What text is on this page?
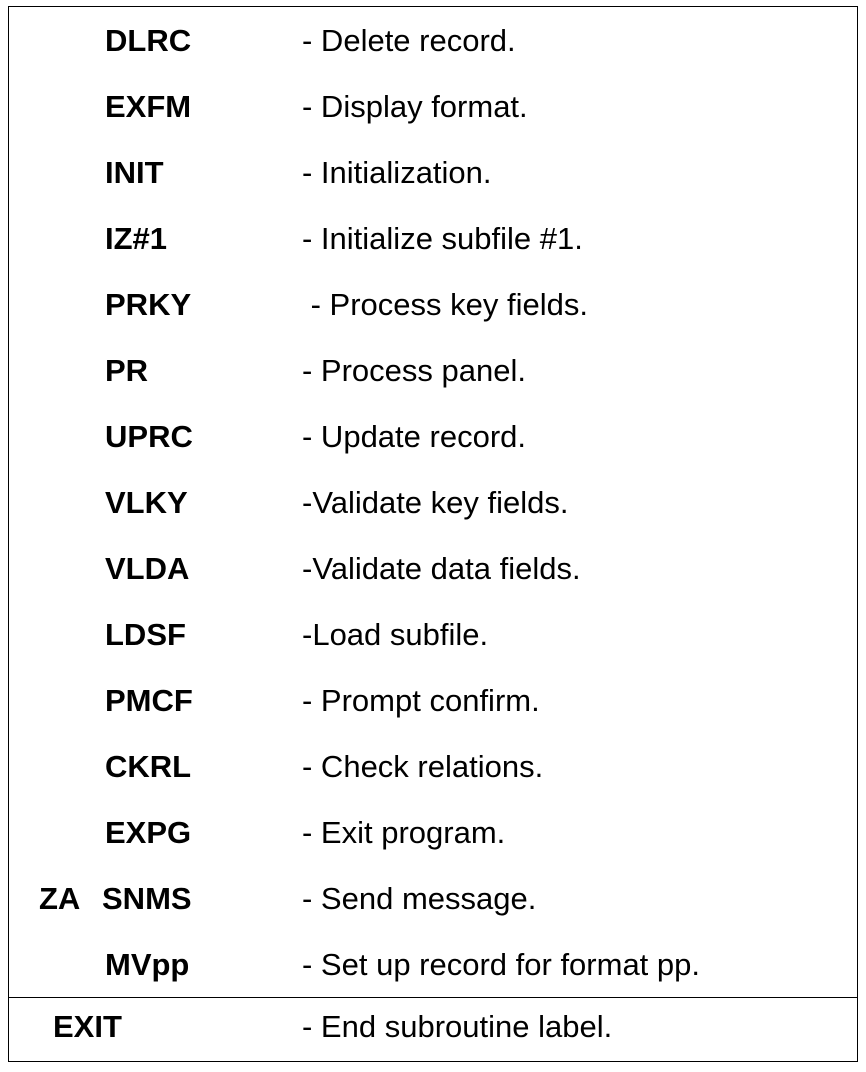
DLRC	- Delete record.
EXFM	- Display format.
INIT	- Initialization.
IZ#1	- Initialize subfile #1.
PRKY	- Process key fields.
PR	- Process panel.
UPRC	- Update record.
VLKY	-Validate key fields.
VLDA	-Validate data fields.
LDSF	-Load subfile.
PMCF	- Prompt confirm.
CKRL	- Check relations.
EXPG	- Exit program.
ZA SNMS	- Send message.
MVpp	- Set up record for format pp.
EXIT	- End subroutine label.
